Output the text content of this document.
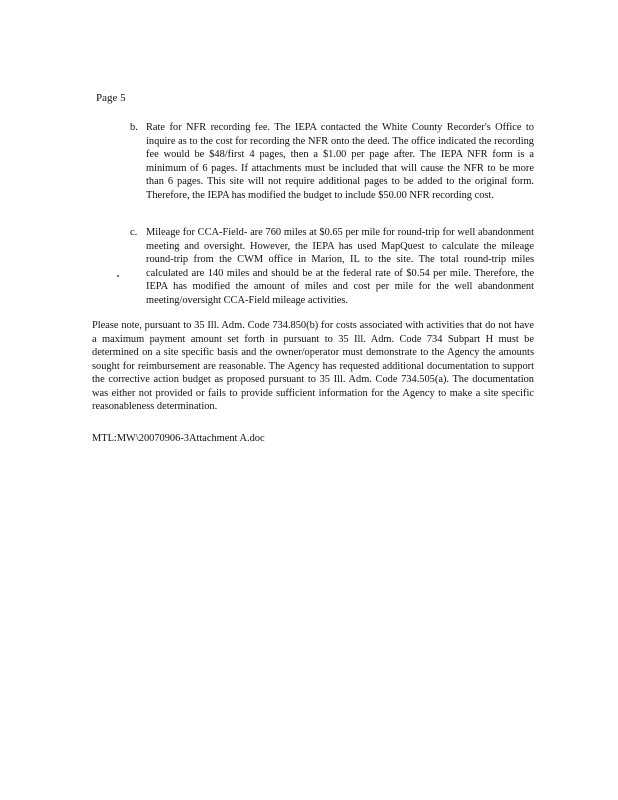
Page 5
b. Rate for NFR recording fee. The IEPA contacted the White County Recorder's Office to inquire as to the cost for recording the NFR onto the deed. The office indicated the recording fee would be $48/first 4 pages, then a $1.00 per page after. The IEPA NFR form is a minimum of 6 pages. If attachments must be included that will cause the NFR to be more than 6 pages. This site will not require additional pages to be added to the original form. Therefore, the IEPA has modified the budget to include $50.00 NFR recording cost.
c. Mileage for CCA-Field- are 760 miles at $0.65 per mile for round-trip for well abandonment meeting and oversight. However, the IEPA has used MapQuest to calculate the mileage round-trip from the CWM office in Marion, IL to the site. The total round-trip miles calculated are 140 miles and should be at the federal rate of $0.54 per mile. Therefore, the IEPA has modified the amount of miles and cost per mile for the well abandonment meeting/oversight CCA-Field mileage activities.
Please note, pursuant to 35 Ill. Adm. Code 734.850(b) for costs associated with activities that do not have a maximum payment amount set forth in pursuant to 35 Ill. Adm. Code 734 Subpart H must be determined on a site specific basis and the owner/operator must demonstrate to the Agency the amounts sought for reimbursement are reasonable. The Agency has requested additional documentation to support the corrective action budget as proposed pursuant to 35 Ill. Adm. Code 734.505(a). The documentation was either not provided or fails to provide sufficient information for the Agency to make a site specific reasonableness determination.
MTL:MW\20070906-3Attachment A.doc
